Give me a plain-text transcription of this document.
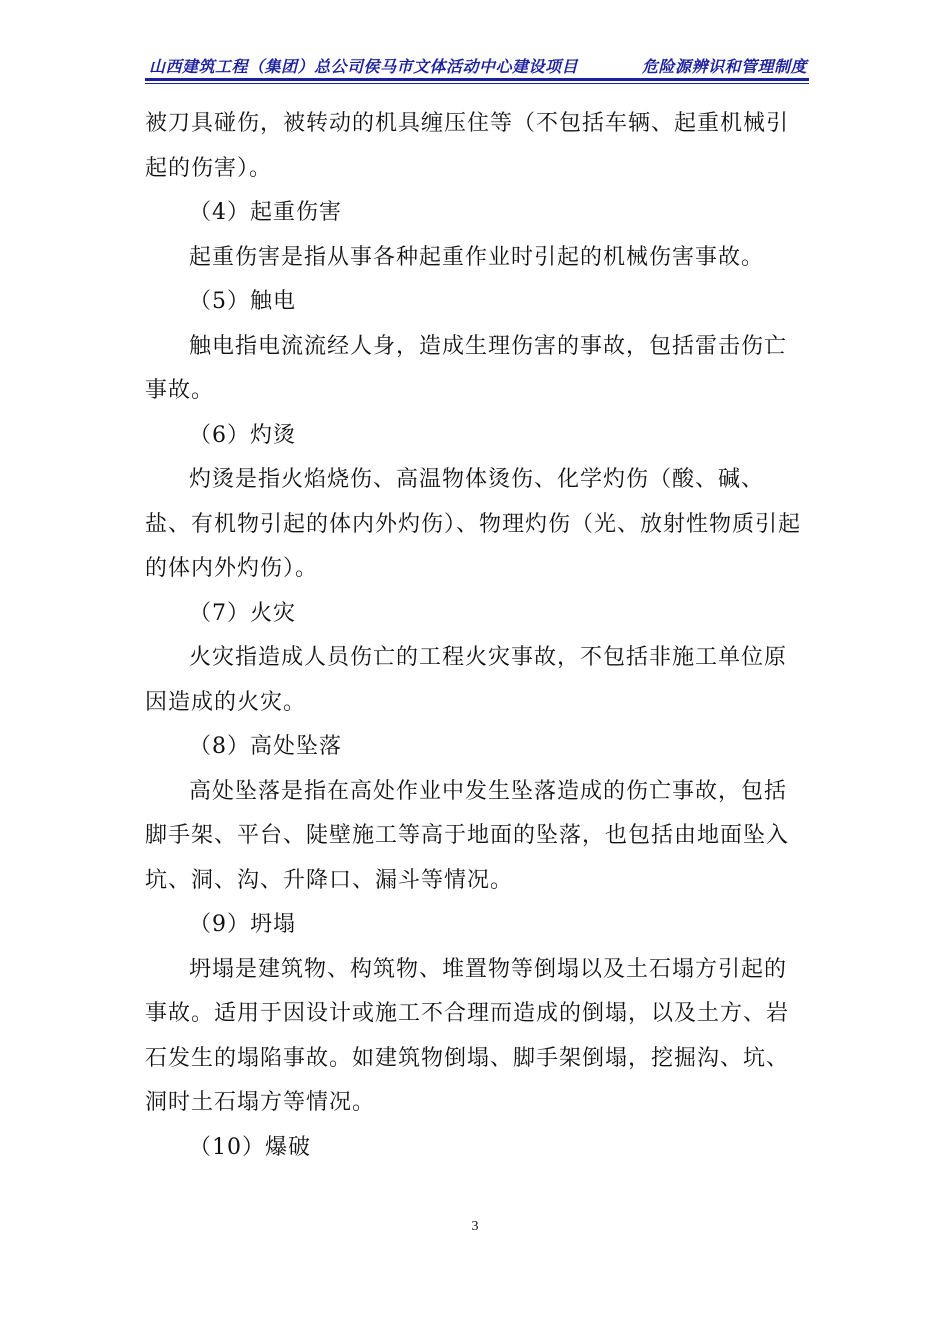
山西建筑工程（集团）总公司侯马市文体活动中心建设项目	危险源辨识和管理制度

被刀具碰伤，被转动的机具缠压住等（不包括车辆、起重机械引起的伤害）。

（4）起重伤害

起重伤害是指从事各种起重作业时引起的机械伤害事故。

（5）触电

触电指电流流经人身，造成生理伤害的事故，包括雷击伤亡事故。

（6）灼烫

灼烫是指火焰烧伤、高温物体烫伤、化学灼伤（酸、碱、盐、有机物引起的体内外灼伤）、物理灼伤（光、放射性物质引起的体内外灼伤）。

（7）火灾

火灾指造成人员伤亡的工程火灾事故，不包括非施工单位原因造成的火灾。

（8）高处坠落

高处坠落是指在高处作业中发生坠落造成的伤亡事故，包括脚手架、平台、陡壁施工等高于地面的坠落，也包括由地面坠入坑、洞、沟、升降口、漏斗等情况。

（9）坍塌

坍塌是建筑物、构筑物、堆置物等倒塌以及土石塌方引起的事故。适用于因设计或施工不合理而造成的倒塌，以及土方、岩石发生的塌陷事故。如建筑物倒塌、脚手架倒塌，挖掘沟、坑、洞时土石塌方等情况。

（10）爆破

3
